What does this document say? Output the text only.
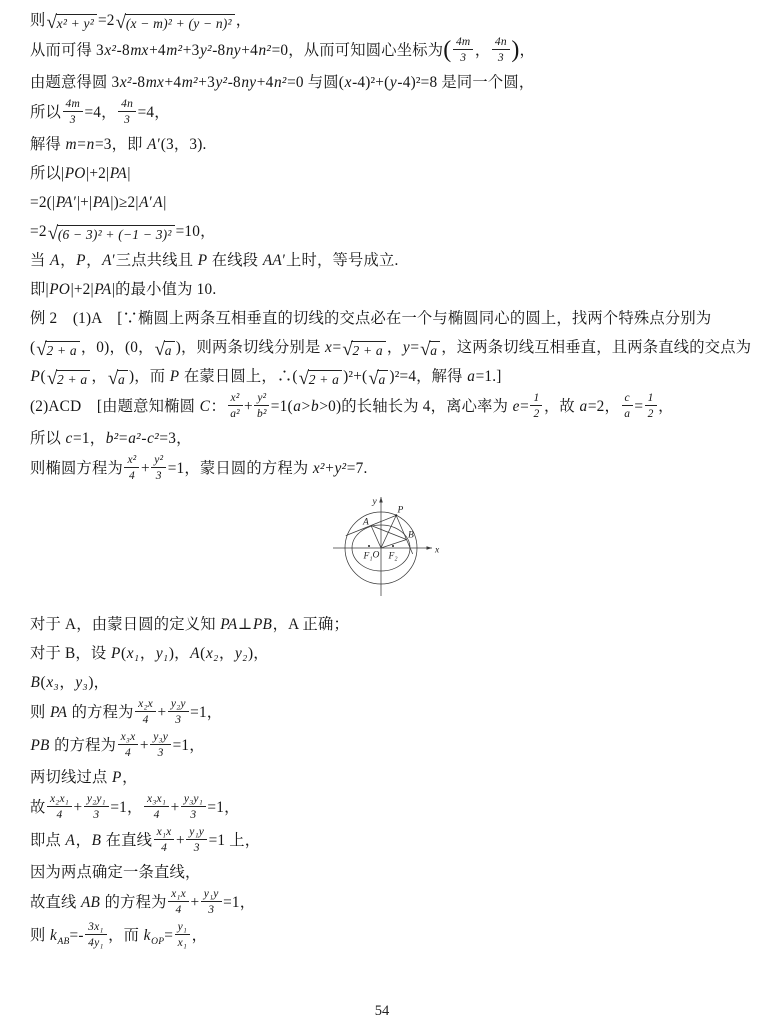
则 √ x² + y² =2 √ (x − m)² + (y − n)² ，
从而可得 3x²-8mx+4m²+3y²-8ny+4n²=0，从而可知圆心坐标为( $\frac{4m}{3}$ ， $\frac{4n}{3}$ )，
由题意得圆 3x²-8mx+4m²+3y²-8ny+4n²=0 与圆(x-4)²+(y-4)²=8 是同一个圆，
所以 $\frac{4m}{3} =4$， $\frac{4n}{3} =4$，
解得 m=n=3，即 A′(3，3).
所以|PO|+2|PA|
=2(|PA′|+|PA|)≥2|A′A|
=2 √ (6 − 3)² + (−1 − 3)² =10，
当 A，P，A′三点共线且 P 在线段 AA′上时，等号成立.
即|PO|+2|PA|的最小值为 10.
例 2　(1)A　[∵椭圆上两条互相垂直的切线的交点必在一个与椭圆同心的圆上，找两个特殊点分别为
( √ 2 + a ，0)，(0， √ a )，则两条切线分别是 x= √ 2 + a ，y= √ a ，这两条切线互相垂直，且两条直线的交点为
P( √ 2 + a ， √ a )，而 P 在蒙日圆上，∴( √ 2 + a )²+( √ a )²=4，解得 a=1.]
(2)ACD　[由题意知椭圆 C： $\frac{\text{x²}}{\text{a²}} + \frac{\text{y²}}{\text{b²}} =1(a>b>0)$的长轴长为 4，离心率为 $e= \frac{1}{2}$ ，故 a=2， $\frac{c}{a} = \frac{1}{2}$ ，
所以 c=1，b²=a²-c²=3，
则椭圆方程为 $\frac{\text{x²}}{4} + \frac{\text{y²}}{3} =1$，蒙日圆的方程为 x²+y²=7.
y
x
P
A
B
O
F₁ F₂
对于 A，由蒙日圆的定义知 PA⊥PB，A 正确；
对于 B，设 P(x₁，y₁)，A(x₂，y₂)，
B(x₃，y₃)，
则 PA 的方程为 $\frac{\text{x₂x}}{4} + \frac{\text{y₂y}}{3} =1$，
PB 的方程为 $\frac{\text{x₃x}}{4} + \frac{\text{y₃y}}{3} =1$，
两切线过点 P，
故 $\frac{\text{x₂x₁}}{4} + \frac{\text{y₂y₁}}{3} =1$， $\frac{\text{x₃x₁}}{4} + \frac{\text{y₃y₁}}{3} =1$，
即点 A，B 在直线 $\frac{\text{x₁x}}{4} + \frac{\text{y₁y}}{3} =1$ 上，
因为两点确定一条直线，
故直线 AB 的方程为 $\frac{\text{x₁x}}{4} + \frac{\text{y₁y}}{3} =1$，
则 $k_{AB}=- \frac{\text{3x₁}}{\text{4y₁}}$ ，而 $k_{OP}= \frac{\text{y₁}}{\text{x₁}}$ ，
54
